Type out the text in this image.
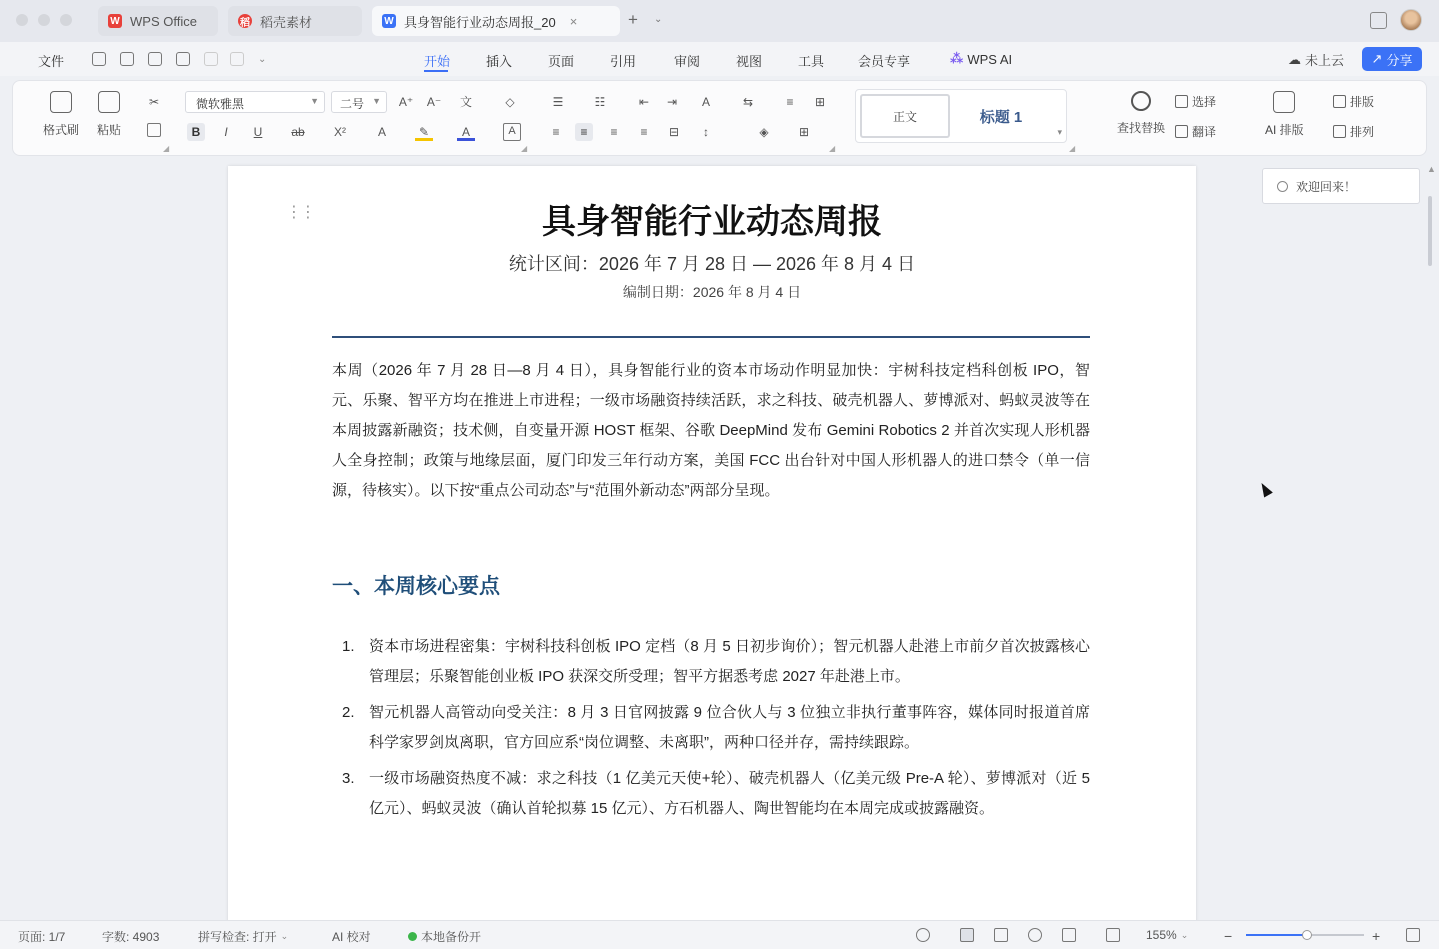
W WPS Office	稻 稻壳素材	W 具身智能行业动态周报_20 ×	+ ⌄
文件	⌄	开始	插入	页面	引用	审阅	视图	工具	会员专享	⁂ WPS AI	☁ 未上云 ↗ 分享
格式刷 粘贴
✂
◢
微软雅黑	▼	二号 ▼ A⁺ A⁻ 文	◇
B	I	U	ab X²	A	✎	A	A
◢
☰	☷	⇤	⇥	A	⇆	≡	⊞
≡	≡	≡	≡	⊟	↕	◈	⊞
◢
正文	标题 1
▾
◢
查找替换
选择
翻译	AI 排版
排版
排列
⋮⋮	具身智能行业动态周报
统计区间：2026 年 7 月 28 日 — 2026 年 8 月 4 日
编制日期：2026 年 8 月 4 日
本周（2026 年 7 月 28 日—8 月 4 日），具身智能行业的资本市场动作明显加快：宇树科技定档科创板 IPO，智元、乐聚、智平方均在推进上市进程；一级市场融资持续活跃，求之科技、破壳机器人、萝博派对、蚂蚁灵波等在本周披露新融资；技术侧，自变量开源 HOST 框架、谷歌 DeepMind 发布 Gemini Robotics 2 并首次实现人形机器人全身控制；政策与地缘层面，厦门印发三年行动方案，美国 FCC 出台针对中国人形机器人的进口禁令（单一信源，待核实）。以下按“重点公司动态”与“范围外新动态”两部分呈现。
一、本周核心要点
1. 资本市场进程密集：宇树科技科创板 IPO 定档（8 月 5 日初步询价）；智元机器人赴港上市前夕首次披露核心管理层；乐聚智能创业板 IPO 获深交所受理；智平方据悉考虑 2027 年赴港上市。
2. 智元机器人高管动向受关注：8 月 3 日官网披露 9 位合伙人与 3 位独立非执行董事阵容，媒体同时报道首席科学家罗剑岚离职，官方回应系“岗位调整、未离职”，两种口径并存，需持续跟踪。
3. 一级市场融资热度不减：求之科技（1 亿美元天使+轮）、破壳机器人（亿美元级 Pre-A 轮）、萝博派对（近 5 亿元）、蚂蚁灵波（确认首轮拟募 15 亿元）、方石机器人、陶世智能均在本周完成或披露融资。
欢迎回来！
▲
页面: 1/7	字数: 4903	拼写检查: 打开 ⌄	AI 校对	本地备份开	155% ⌄	−	+
